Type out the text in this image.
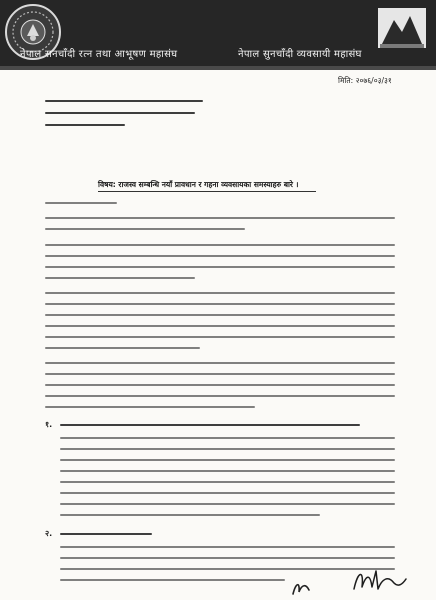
नेपाल सनचाँदी रत्न तथा आभूषण महासंघ	नेपाल सुनचाँदी व्यवसायी महासंघ
मिति: २०७६/०३/३१
विषय: राजस्व सम्बन्धि नयाँ प्रावधान र गहना व्यवसायका समस्याहरु बारे ।
१.
२.
